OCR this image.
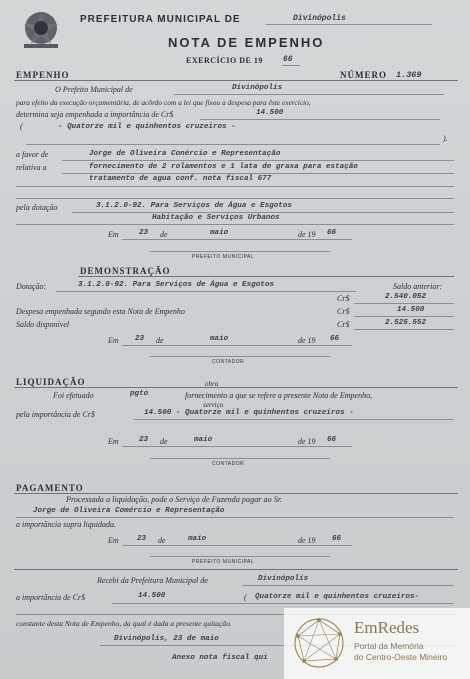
PREFEITURA MUNICIPAL DE	Divinópolis
NOTA DE EMPENHO
EXERCÍCIO DE 19	66
EMPENHO	NÚMERO 1.369
O Prefeito Municipal de	Divinópolis
para efeito da execução orçamentária, de acôrdo com a lei que fixou a despesa para êste exercício,
determina seja empenhada a importância de Cr$	14.500
(	- Quatorze mil e quinhentos cruzeiros -
).
a favor de	Jorge de Oliveira Conércio e Representação
relativa a	fornecimento de 2 rolamentos e 1 lata de graxa para estação
tratamento de agua conf. nota fiscal 677
pela dotação	3.1.2.0-92. Para Serviços de Água e Esgotos
Habitação e Serviços Urbanos
Em	23 de	maio	de 19 66
PREFEITO MUNICIPAL
DEMONSTRAÇÃO
Dotação:	3.1.2.0-92. Para Serviços de Água e Esgotos	Saldo anterior:
Cr$	2.540.052
Despesa empenhada segundo esta Nota de Empenho	Cr$	14.500
Saldo disponível	Cr$	2.525.552
Em 23 de	maio	de 19 66
CONTADOR
LIQUIDAÇÃO	obra
Foi efetuado	pgto	fornecimento a que se refere a presente Nota de Empenho,
serviço
pela importância de Cr$	14.500 - Quatorze mil e quinhentos cruzeiros -
Em	23 de	maio	de 19 66
CONTADOR
PAGAMENTO
Processada a liquidação, pode o Serviço de Fazenda pagar ao Sr.
Jorge de Oliveira Comércio e Representação
a importância supra liquidada.
Em 23 de	maio	de 19 66
PREFEITO MUNICIPAL
Recebi da Prefeitura Municipal de	Divinópolis
a importância de Cr$	14.500	( Quatorze mil e quinhentos cruzeiros-
constante desta Nota de Empenho, da qual é dada a presente quitação.
Divinópolis, 23 de maio
Anexo nota fiscal qui
EmRedes
Portal da Memória
do Centro-Oeste Mineiro
